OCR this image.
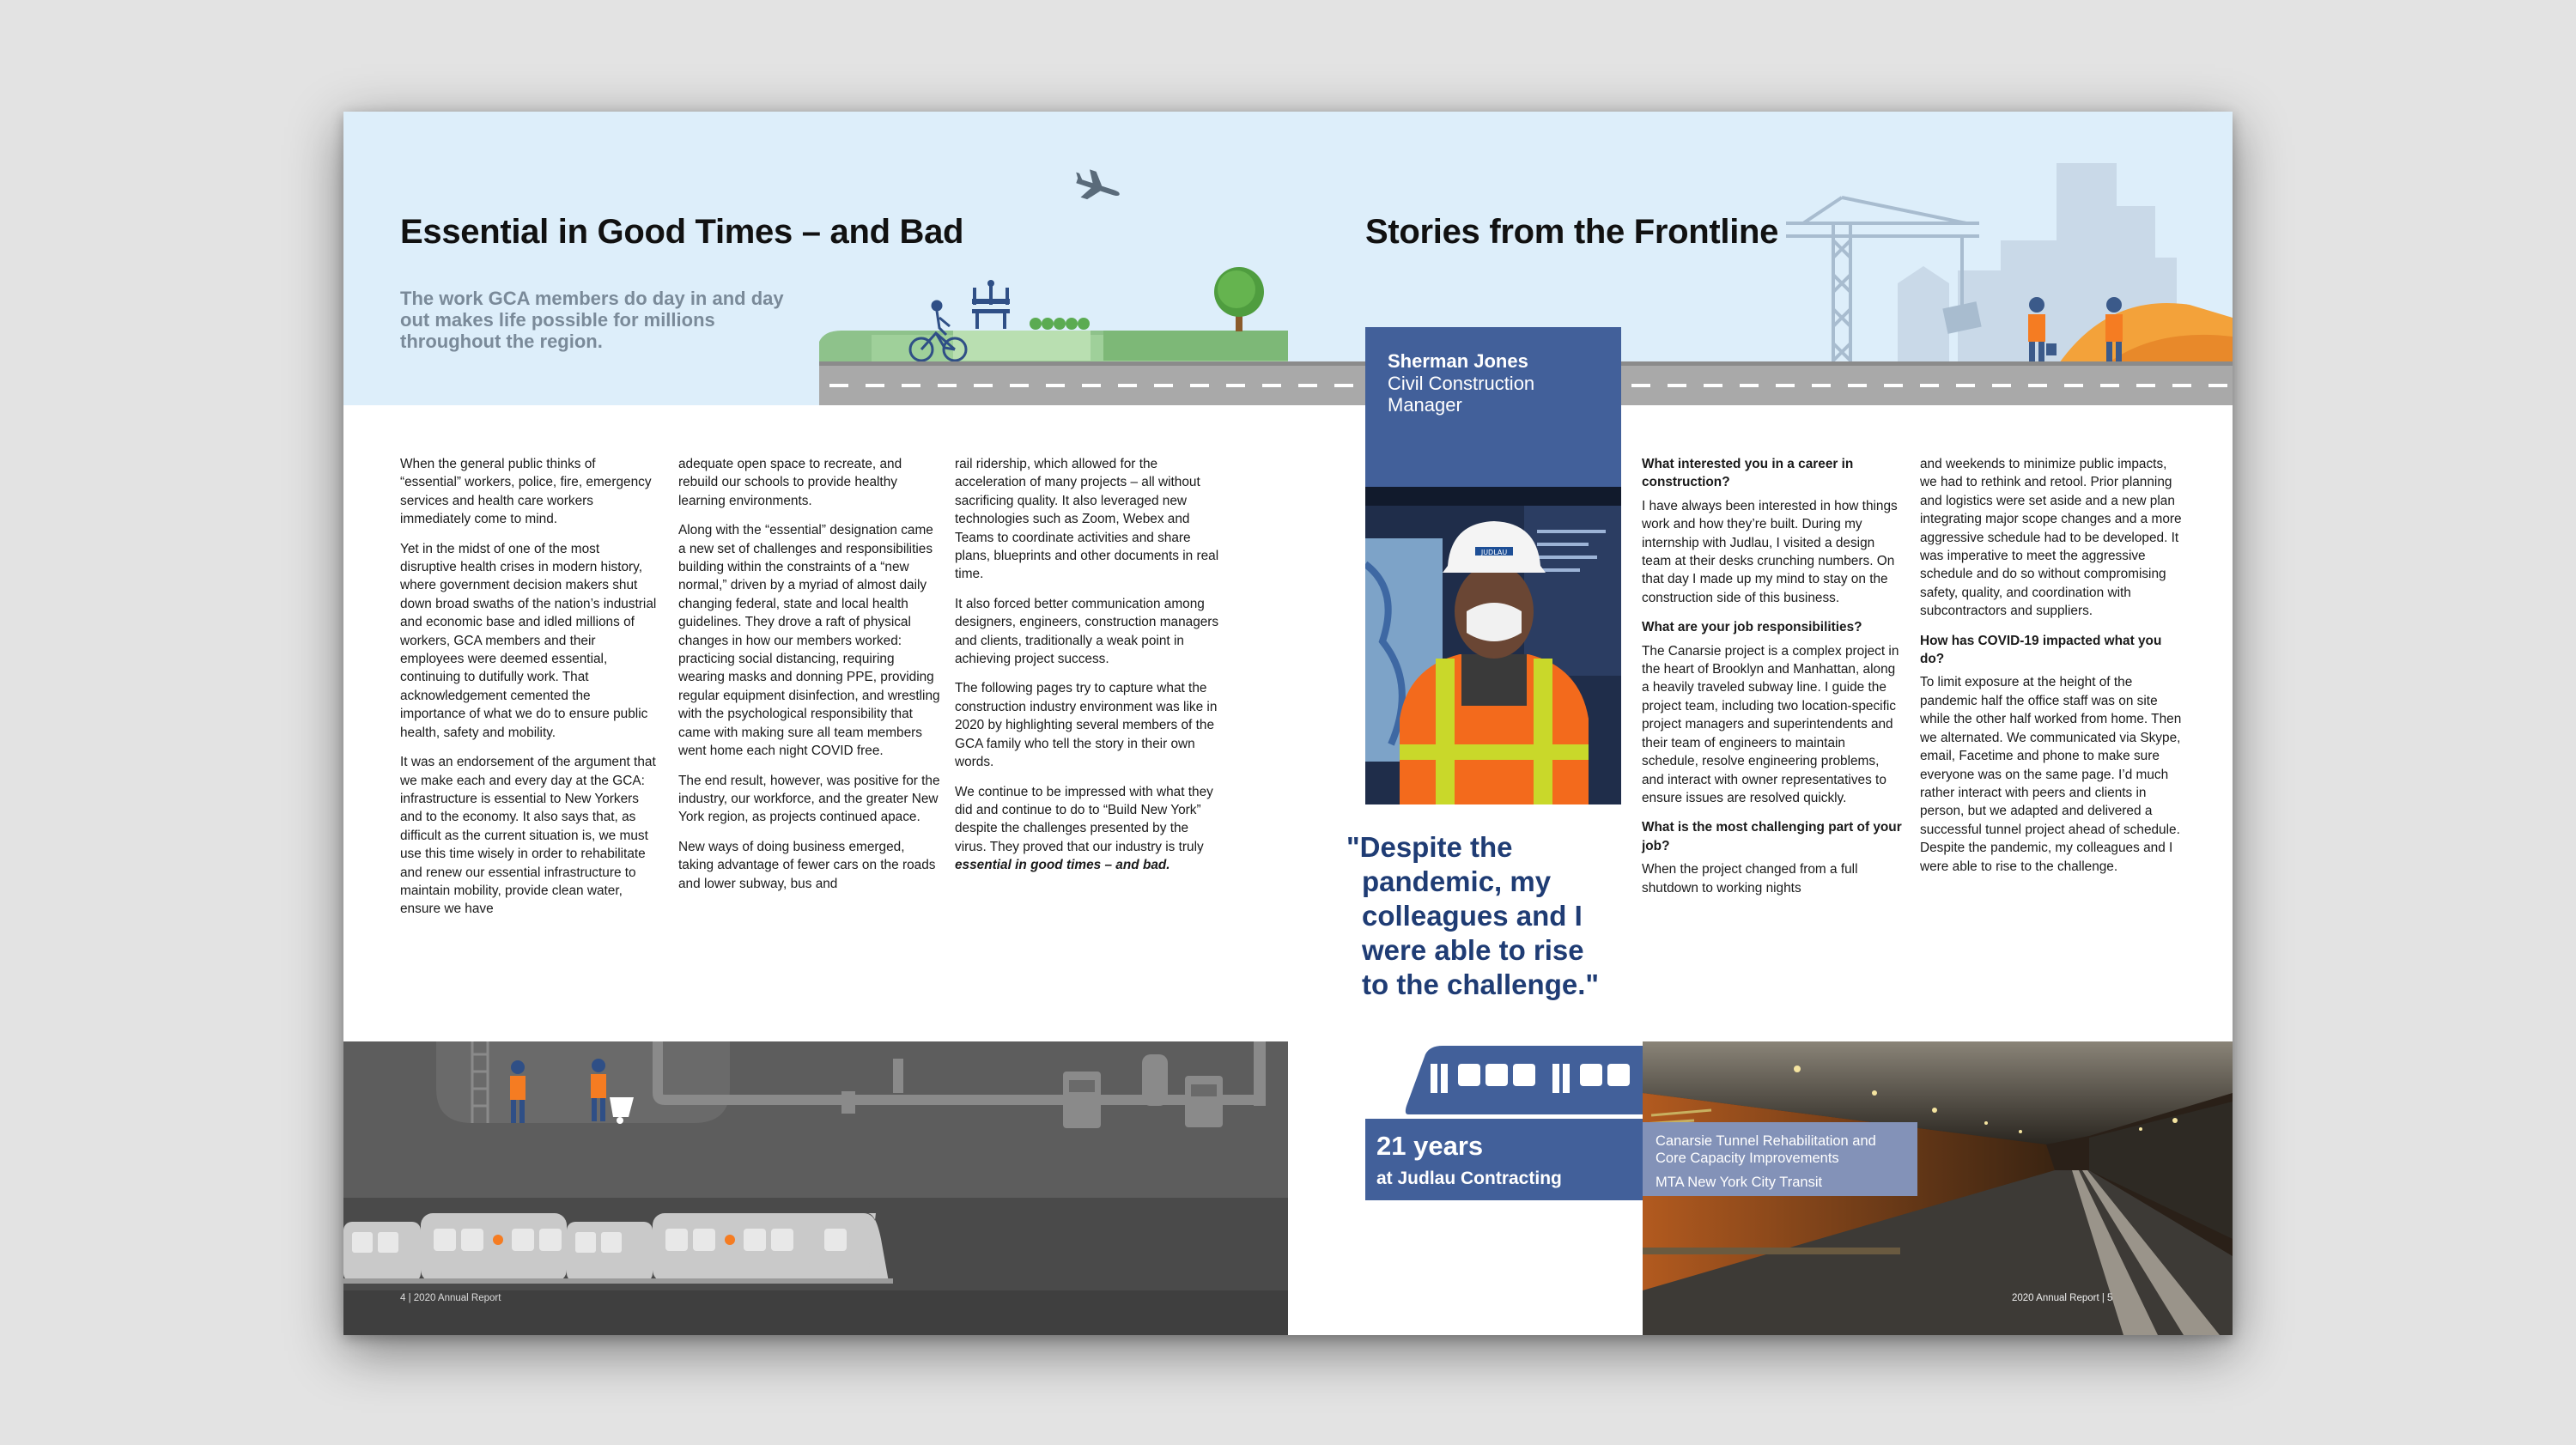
Essential in Good Times – and Bad
The work GCA members do day in and day out makes life possible for millions throughout the region.

When the general public thinks of “essential” workers, police, fire, emergency services and health care workers immediately come to mind.

Yet in the midst of one of the most disruptive health crises in modern history, where government decision makers shut down broad swaths of the nation’s industrial and economic base and idled millions of workers, GCA members and their employees were deemed essential, continuing to dutifully work. That acknowledgement cemented the importance of what we do to ensure public health, safety and mobility.

It was an endorsement of the argument that we make each and every day at the GCA: infrastructure is essential to New Yorkers and to the economy. It also says that, as difficult as the current situation is, we must use this time wisely in order to rehabilitate and renew our essential infrastructure to maintain mobility, provide clean water, ensure we have

adequate open space to recreate, and rebuild our schools to provide healthy learning environments.

Along with the “essential” designation came a new set of challenges and responsibilities building within the constraints of a “new normal,” driven by a myriad of almost daily changing federal, state and local health guidelines. They drove a raft of physical changes in how our members worked: practicing social distancing, requiring wearing masks and donning PPE, providing regular equipment disinfection, and wrestling with the psychological responsibility that came with making sure all team members went home each night COVID free.

The end result, however, was positive for the industry, our workforce, and the greater New York region, as projects continued apace.

New ways of doing business emerged, taking advantage of fewer cars on the roads and lower subway, bus and

rail ridership, which allowed for the acceleration of many projects – all without sacrificing quality. It also leveraged new technologies such as Zoom, Webex and Teams to coordinate activities and share plans, blueprints and other documents in real time.

It also forced better communication among designers, engineers, construction managers and clients, traditionally a weak point in achieving project success.

The following pages try to capture what the construction industry environment was like in 2020 by highlighting several members of the GCA family who tell the story in their own words.

We continue to be impressed with what they did and continue to do to “Build New York” despite the challenges presented by the virus. They proved that our industry is truly essential in good times – and bad.

4 | 2020 Annual Report
Stories from the Frontline
Sherman Jones
Civil Construction Manager
JUDLAU
"Despite the
pandemic, my
colleagues and I
were able to rise
to the challenge."

What interested you in a career in construction?

I have always been interested in how things work and how they’re built. During my internship with Judlau, I visited a design team at their desks crunching numbers. On that day I made up my mind to stay on the construction side of this business.

What are your job responsibilities?

The Canarsie project is a complex project in the heart of Brooklyn and Manhattan, along a heavily traveled subway line. I guide the project team, including two location-specific project managers and superintendents and their team of engineers to maintain schedule, resolve engineering problems, and interact with owner representatives to ensure issues are resolved quickly.

What is the most challenging part of your job?

When the project changed from a full shutdown to working nights

and weekends to minimize public impacts, we had to rethink and retool. Prior planning and logistics were set aside and a new plan integrating major scope changes and a more aggressive schedule had to be developed. It was imperative to meet the aggressive schedule and do so without compromising safety, quality, and coordination with subcontractors and suppliers.

How has COVID-19 impacted what you do?

To limit exposure at the height of the pandemic half the office staff was on site while the other half worked from home. Then we alternated. We communicated via Skype, email, Facetime and phone to make sure everyone was on the same page. I’d much rather interact with peers and clients in person, but we adapted and delivered a successful tunnel project ahead of schedule. Despite the pandemic, my colleagues and I were able to rise to the challenge.

2020 Annual Report | 5
21 years
at Judlau Contracting
Canarsie Tunnel Rehabilitation and Core Capacity Improvements
MTA New York City Transit
